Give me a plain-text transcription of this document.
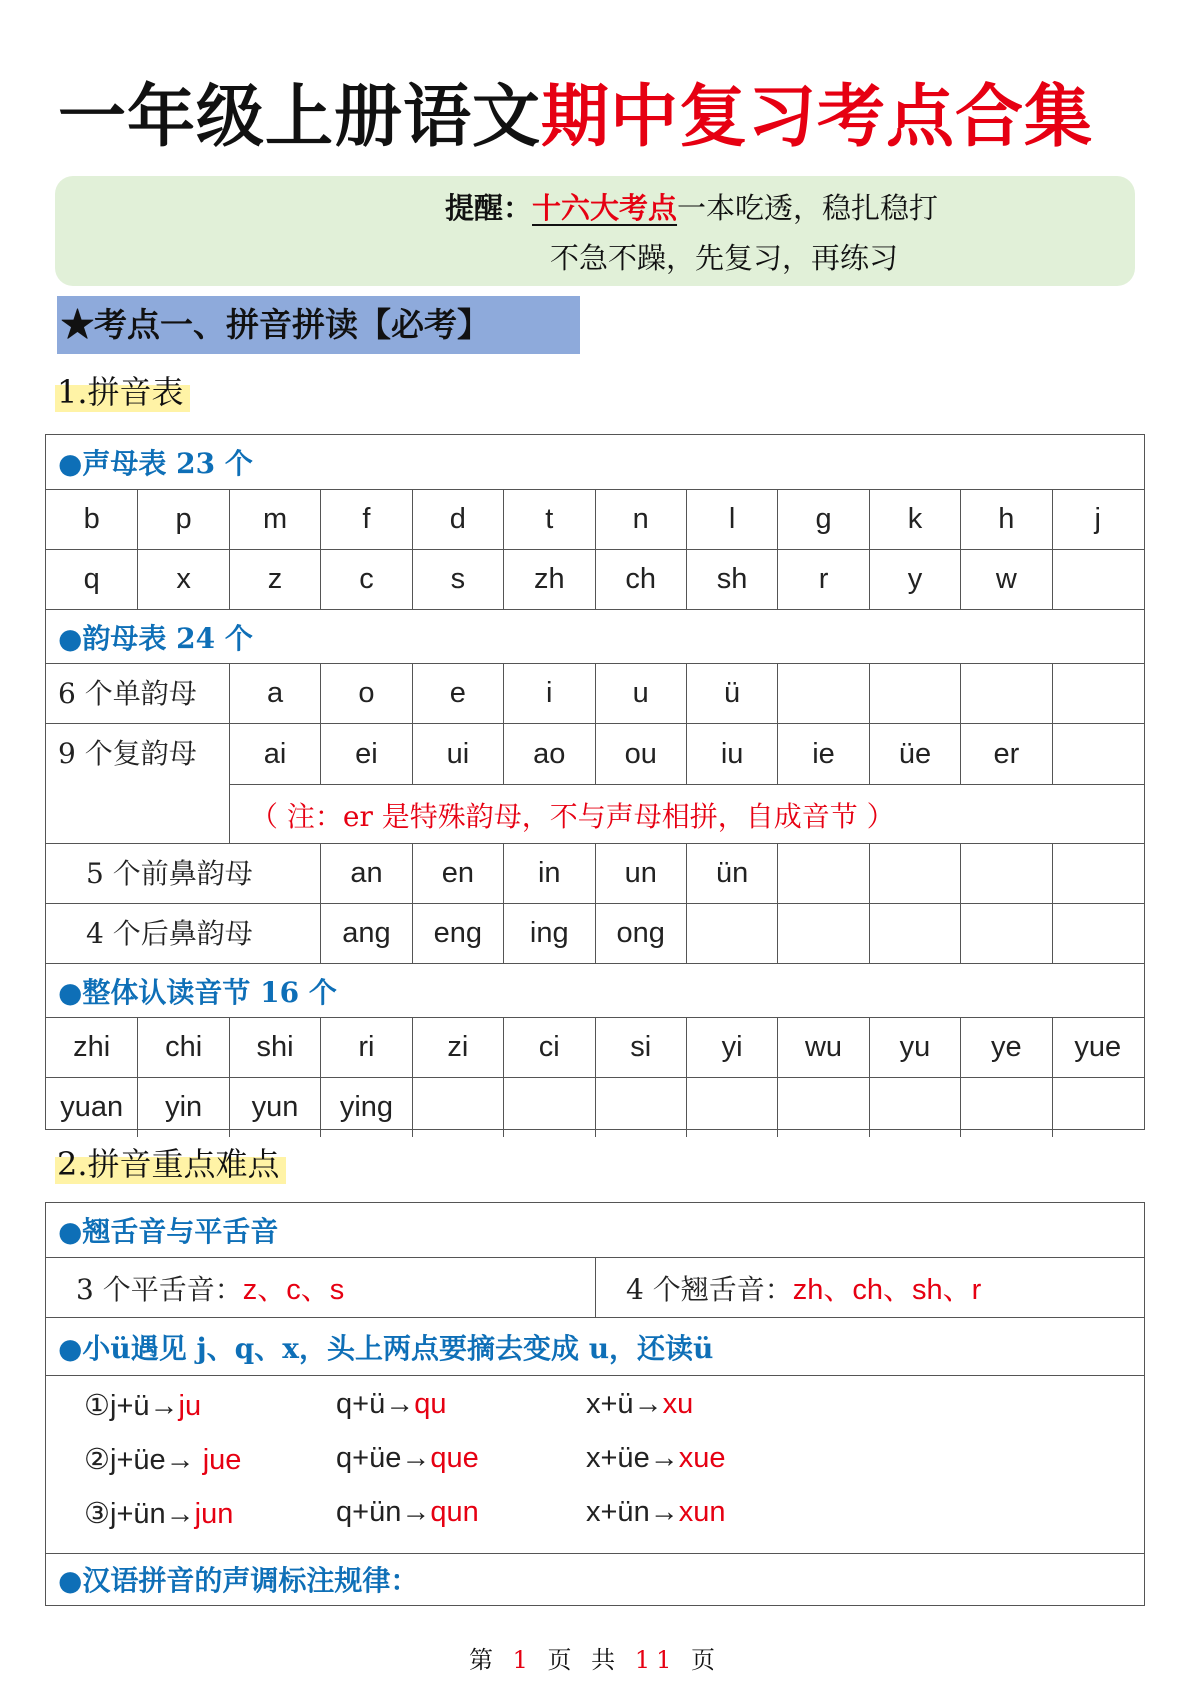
一年级上册语文期中复习考点合集
提醒：十六大考点一本吃透，稳扎稳打
不急不躁，先复习，再练习
★考点一、拼音拼读【必考】
1.拼音表
●声母表 23 个
b	p	m	f	d	t	n	l	g	k	h	j
q	x	z	c	s	zh	ch	sh	r	y	w
●韵母表 24 个
6 个单韵母	a	o	e	i	u	ü
9 个复韵母	ai	ei	ui	ao	ou	iu	ie	üe	er
（ 注：er 是特殊韵母，不与声母相拼，自成音节 ）
5 个前鼻韵母	an	en	in	un	ün
4 个后鼻韵母	ang	eng	ing	ong
●整体认读音节 16 个
zhi	chi	shi	ri	zi	ci	si	yi	wu	yu	ye	yue
yuan	yin	yun	ying
2.拼音重点难点
●翘舌音与平舌音
3 个平舌音： z、c、s	4 个翘舌音： zh、ch、sh、r
●小ü遇见 j、q、x，头上两点要摘去变成 u，还读ü
①j+ü→ju	q+ü→qu	x+ü→xu
②j+üe→ jue	q+üe→que	x+üe→xue
③j+ün→jun	q+ün→qun	x+ün→xun
●汉语拼音的声调标注规律：
第 1 页 共 11 页
